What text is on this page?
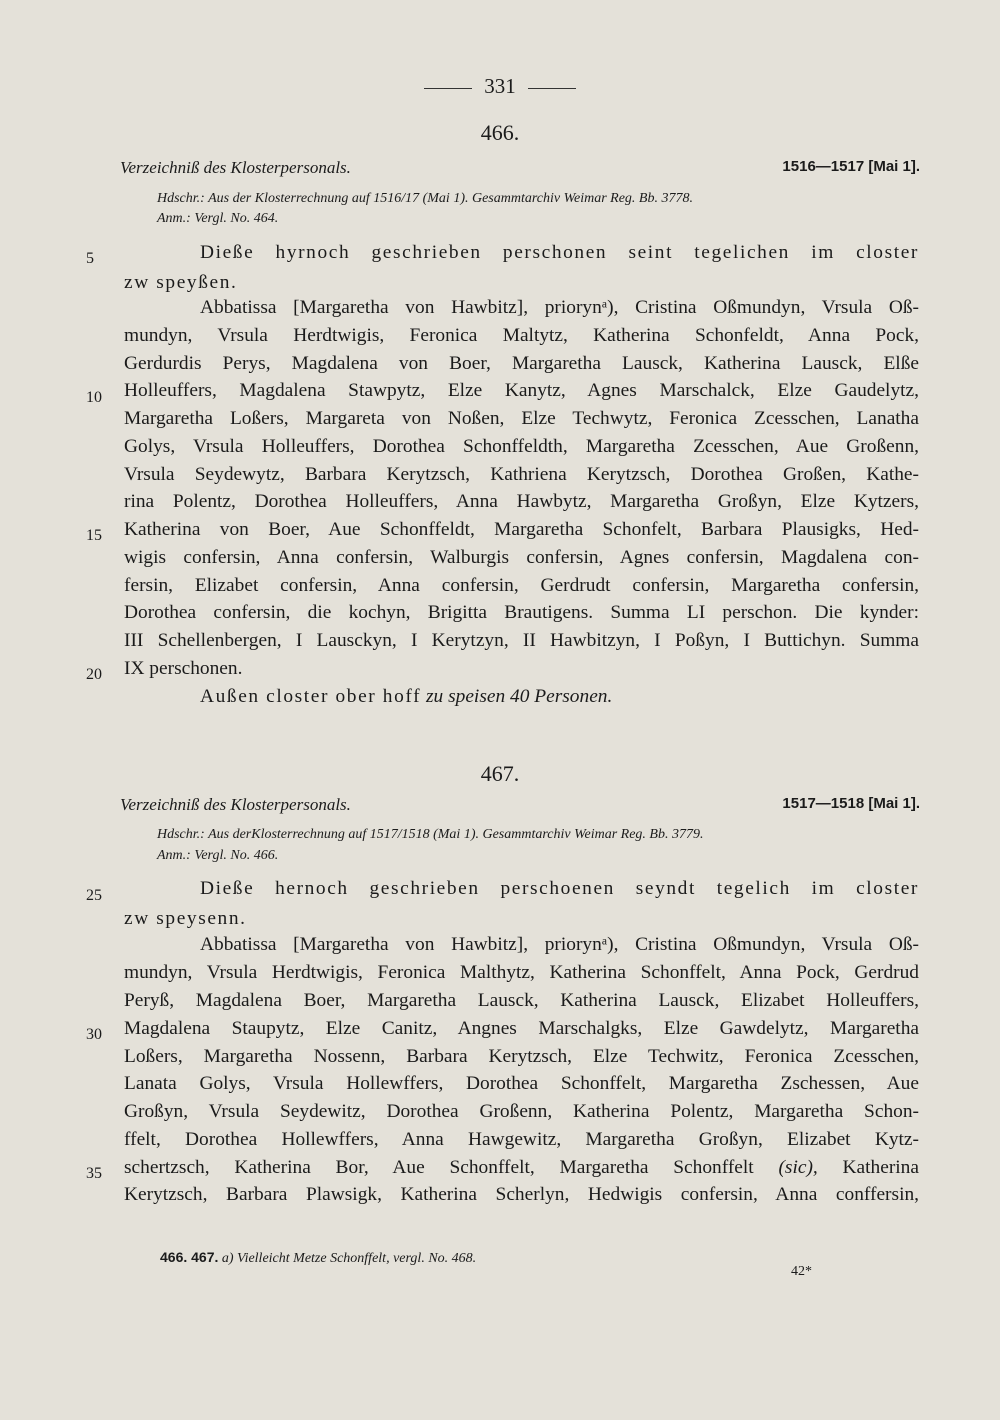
331
466.
Verzeichniß des Klosterpersonals.	1516—1517 [Mai 1].
Hdschr.: Aus der Klosterrechnung auf 1516/17 (Mai 1). Gesammtarchiv Weimar Reg. Bb. 3778.
Anm.: Vergl. No. 464.
5
10
15
20
Dieße hyrnoch geschrieben perschonen seint tegelichen im closter
zw speyßen.
Abbatissa [Margaretha von Hawbitz], priorynᵃ), Cristina Oßmundyn, Vrsula Oß-
mundyn, Vrsula Herdtwigis, Feronica Maltytz, Katherina Schonfeldt, Anna Pock,
Gerdurdis Perys, Magdalena von Boer, Margaretha Lausck, Katherina Lausck, Elße
Holleuffers, Magdalena Stawpytz, Elze Kanytz, Agnes Marschalck, Elze Gaudelytz,
Margaretha Loßers, Margareta von Noßen, Elze Techwytz, Feronica Zcesschen, Lanatha
Golys, Vrsula Holleuffers, Dorothea Schonffeldth, Margaretha Zcesschen, Aue Großenn,
Vrsula Seydewytz, Barbara Kerytzsch, Kathriena Kerytzsch, Dorothea Großen, Kathe-
rina Polentz, Dorothea Holleuffers, Anna Hawbytz, Margaretha Großyn, Elze Kytzers,
Katherina von Boer, Aue Schonffeldt, Margaretha Schonfelt, Barbara Plausigks, Hed-
wigis confersin, Anna confersin, Walburgis confersin, Agnes confersin, Magdalena con-
fersin, Elizabet confersin, Anna confersin, Gerdrudt confersin, Margaretha confersin,
Dorothea confersin, die kochyn, Brigitta Brautigens. Summa LI perschon. Die kynder:
III Schellenbergen, I Lausckyn, I Kerytzyn, II Hawbitzyn, I Poßyn, I Buttichyn. Summa
IX perschonen.
Außen closter ober hoff zu speisen 40 Personen.
467.
Verzeichniß des Klosterpersonals.	1517—1518 [Mai 1].
Hdschr.: Aus derKlosterrechnung auf 1517/1518 (Mai 1). Gesammtarchiv Weimar Reg. Bb. 3779.
Anm.: Vergl. No. 466.
25
30
35
Dieße hernoch geschrieben perschoenen seyndt tegelich im closter
zw speysenn.
Abbatissa [Margaretha von Hawbitz], priorynᵃ), Cristina Oßmundyn, Vrsula Oß-
mundyn, Vrsula Herdtwigis, Feronica Malthytz, Katherina Schonffelt, Anna Pock, Gerdrud
Peryß, Magdalena Boer, Margaretha Lausck, Katherina Lausck, Elizabet Holleuffers,
Magdalena Staupytz, Elze Canitz, Angnes Marschalgks, Elze Gawdelytz, Margaretha
Loßers, Margaretha Nossenn, Barbara Kerytzsch, Elze Techwitz, Feronica Zcesschen,
Lanata Golys, Vrsula Hollewffers, Dorothea Schonffelt, Margaretha Zschessen, Aue
Großyn, Vrsula Seydewitz, Dorothea Großenn, Katherina Polentz, Margaretha Schon-
ffelt, Dorothea Hollewffers, Anna Hawgewitz, Margaretha Großyn, Elizabet Kytz-
schertzsch, Katherina Bor, Aue Schonffelt, Margaretha Schonffelt (sic), Katherina
Kerytzsch, Barbara Plawsigk, Katherina Scherlyn, Hedwigis confersin, Anna conffersin,
466. 467. a) Vielleicht Metze Schonffelt, vergl. No. 468.
42*
